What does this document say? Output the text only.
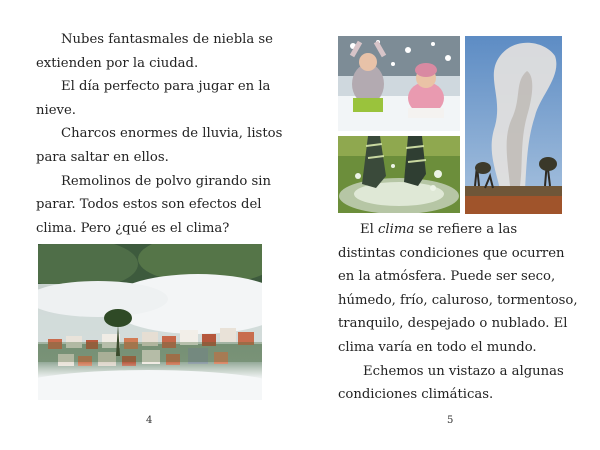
Nubes fantasmales de niebla se extienden por la ciudad.

El día perfecto para jugar en la nieve.

Charcos enormes de lluvia, listos para saltar en ellos.

Remolinos de polvo girando sin parar. Todos estos son efectos del clima. Pero ¿qué es el clima?

4

El clima se refiere a las distintas condiciones que ocurren en la atmósfera. Puede ser seco, húmedo, frío, caluroso, tormentoso, tranquilo, despejado o nublado. El clima varía en todo el mundo.

Echemos un vistazo a algunas condiciones climáticas.

5
